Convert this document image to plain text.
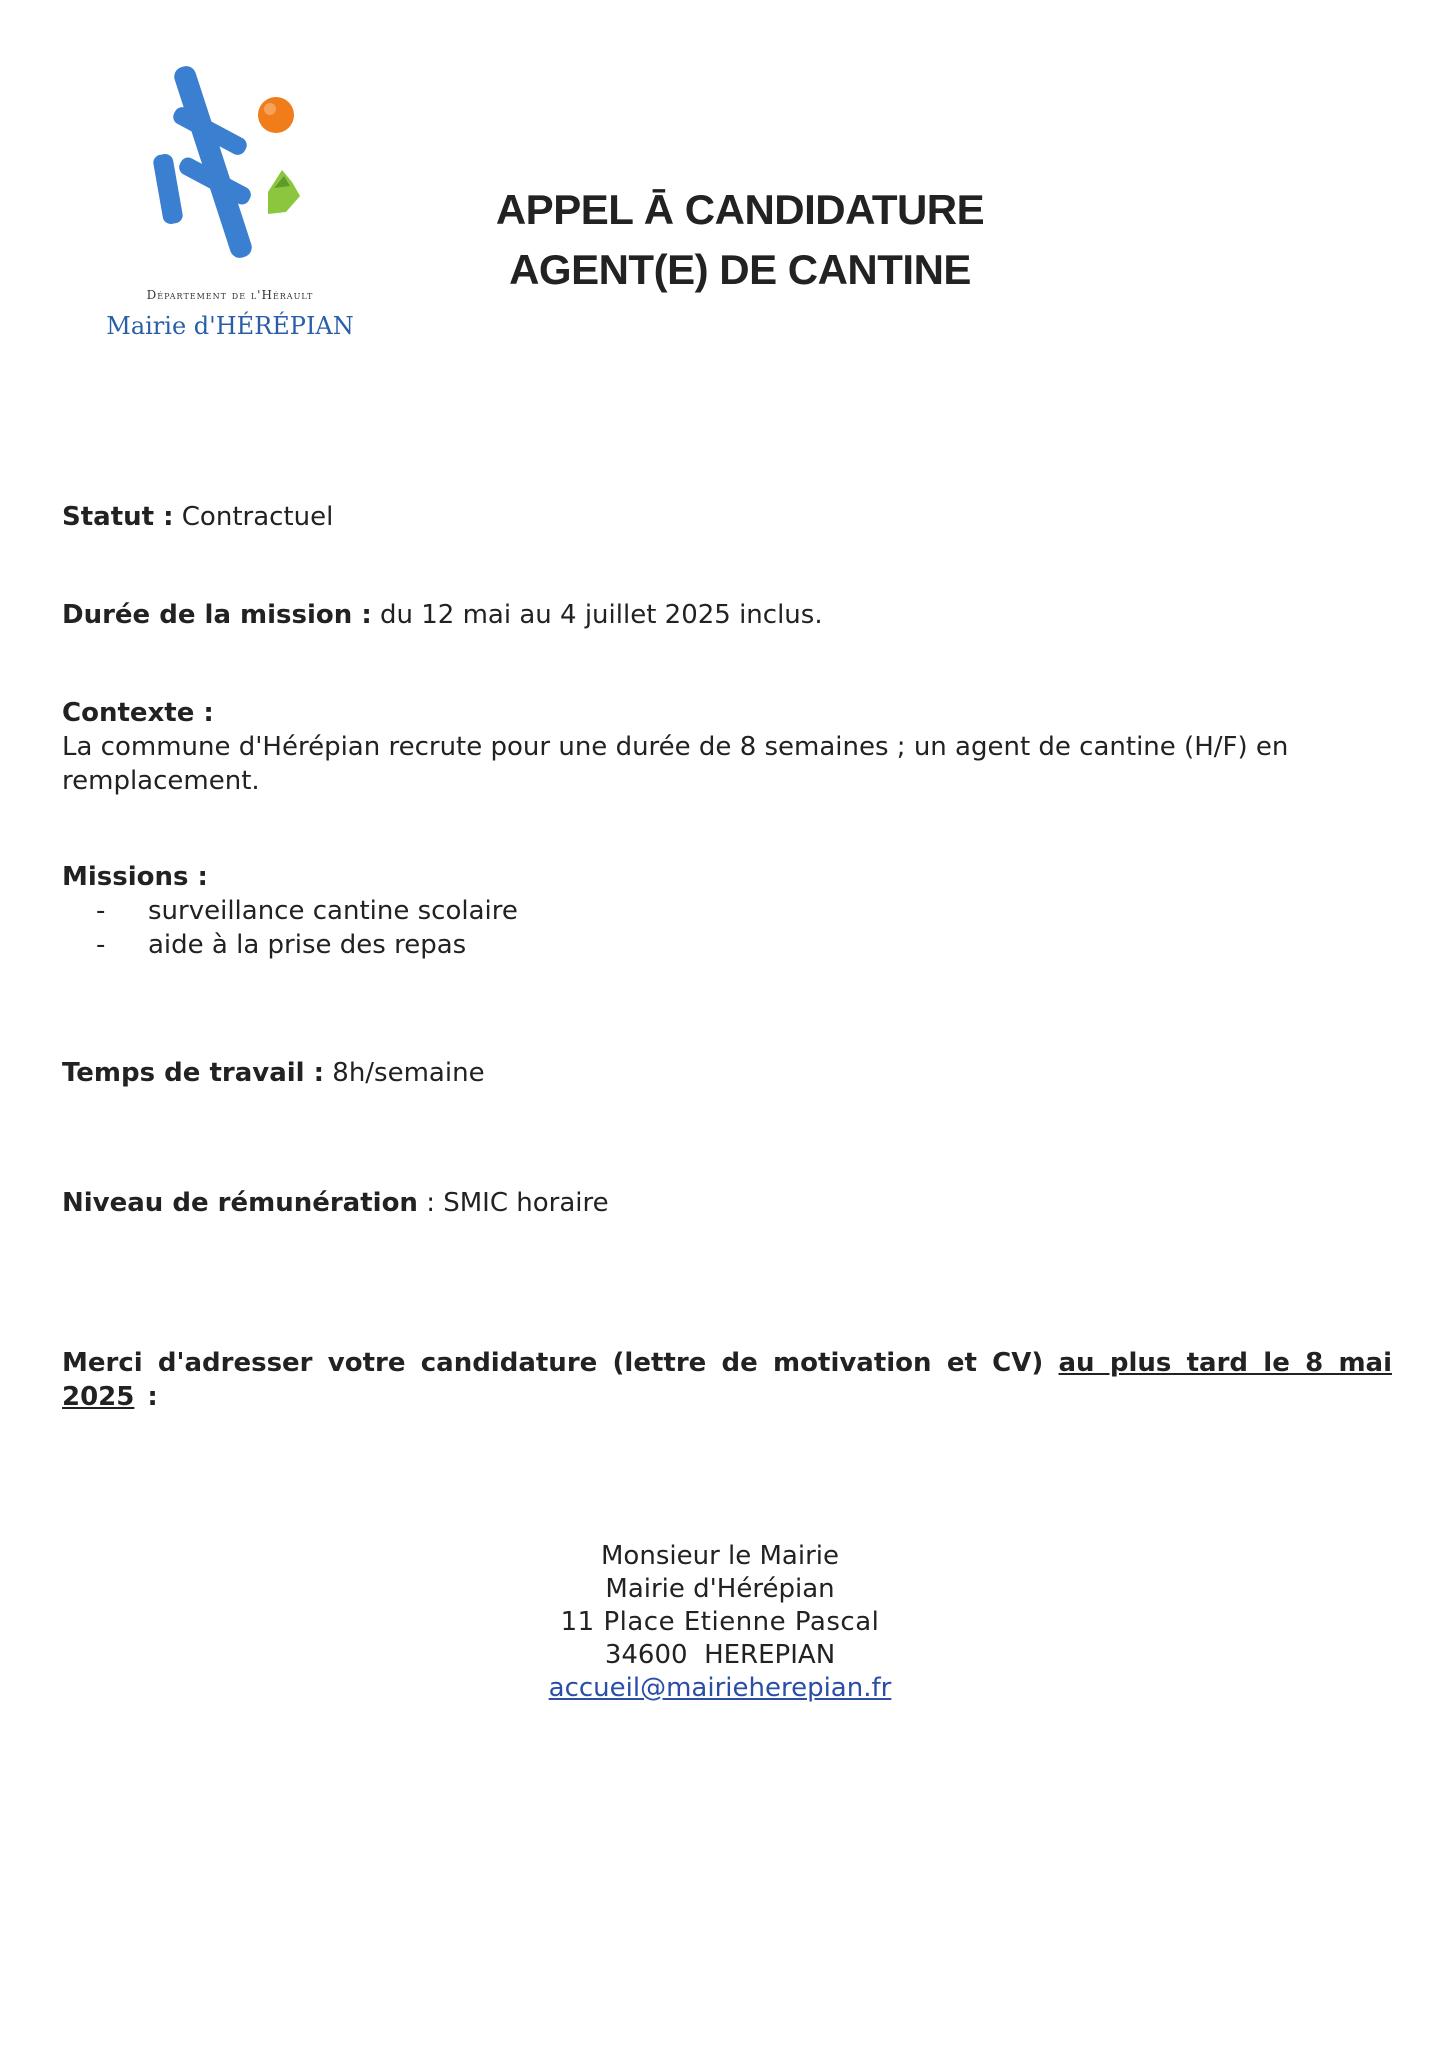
Département de l'Hérault
Mairie d'HÉRÉPIAN
APPEL Ā CANDIDATURE
AGENT(E) DE CANTINE
Statut : Contractuel
Durée de la mission : du 12 mai au 4 juillet 2025 inclus.
Contexte :
La commune d'Hérépian recrute pour une durée de 8 semaines ; un agent de cantine (H/F) en remplacement.
Missions :
- surveillance cantine scolaire
- aide à la prise des repas
Temps de travail : 8h/semaine
Niveau de rémunération : SMIC horaire
Merci d'adresser votre candidature (lettre de motivation et CV) au plus tard le 8 mai 2025 :
Monsieur le Mairie
Mairie d'Hérépian
11 Place Etienne Pascal
34600  HEREPIAN
accueil@mairieherepian.fr
